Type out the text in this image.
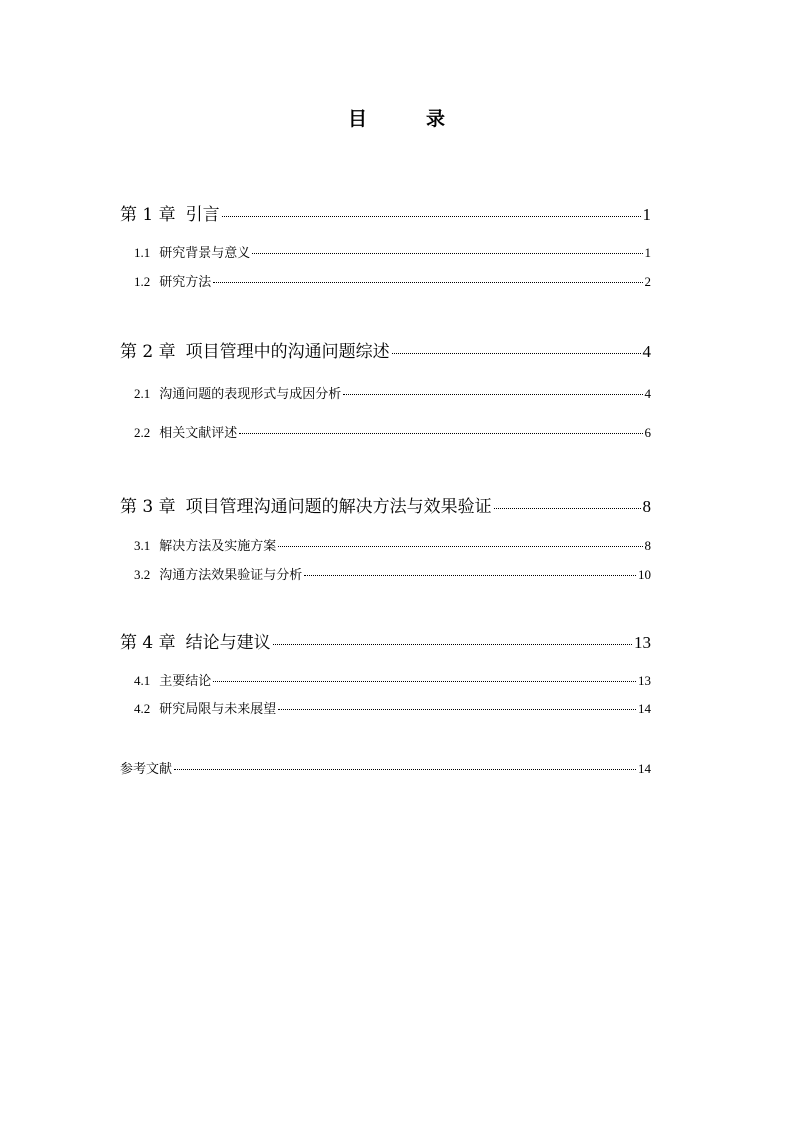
目　录
第 1 章 引言	1
1.1 研究背景与意义	1
1.2 研究方法	2
第 2 章 项目管理中的沟通问题综述	4
2.1 沟通问题的表现形式与成因分析	4
2.2 相关文献评述	6
第 3 章 项目管理沟通问题的解决方法与效果验证	8
3.1 解决方法及实施方案	8
3.2 沟通方法效果验证与分析	10
第 4 章 结论与建议	13
4.1 主要结论	13
4.2 研究局限与未来展望	14
参考文献	14
